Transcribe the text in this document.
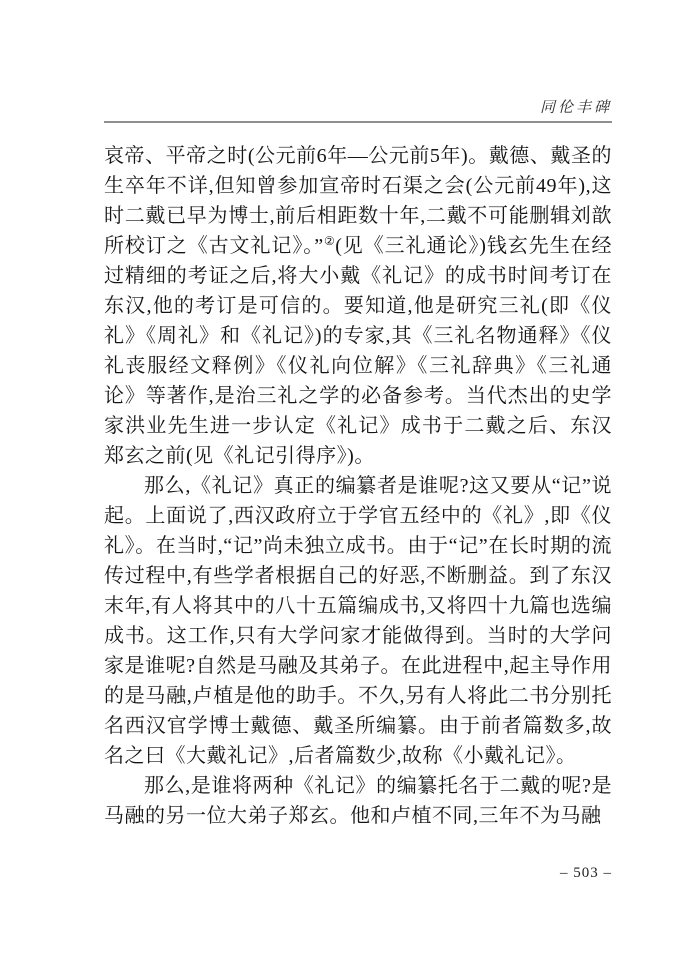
同伦丰碑

哀帝、平帝之时(公元前6年—公元前5年)。戴德、戴圣的生卒年不详,但知曾参加宣帝时石渠之会(公元前49年),这时二戴已早为博士,前后相距数十年,二戴不可能删辑刘歆所校订之《古文礼记》。”②(见《三礼通论》)钱玄先生在经过精细的考证之后,将大小戴《礼记》的成书时间考订在东汉,他的考订是可信的。要知道,他是研究三礼(即《仪礼》《周礼》和《礼记》)的专家,其《三礼名物通释》《仪礼丧服经文释例》《仪礼向位解》《三礼辞典》《三礼通论》等著作,是治三礼之学的必备参考。当代杰出的史学家洪业先生进一步认定《礼记》成书于二戴之后、东汉郑玄之前(见《礼记引得序》)。

那么,《礼记》真正的编纂者是谁呢?这又要从“记”说起。上面说了,西汉政府立于学官五经中的《礼》,即《仪礼》。在当时,“记”尚未独立成书。由于“记”在长时期的流传过程中,有些学者根据自己的好恶,不断删益。到了东汉末年,有人将其中的八十五篇编成书,又将四十九篇也选编成书。这工作,只有大学问家才能做得到。当时的大学问家是谁呢?自然是马融及其弟子。在此进程中,起主导作用的是马融,卢植是他的助手。不久,另有人将此二书分别托名西汉官学博士戴德、戴圣所编纂。由于前者篇数多,故名之曰《大戴礼记》,后者篇数少,故称《小戴礼记》。

那么,是谁将两种《礼记》的编纂托名于二戴的呢?是马融的另一位大弟子郑玄。他和卢植不同,三年不为马融

– 503 –
